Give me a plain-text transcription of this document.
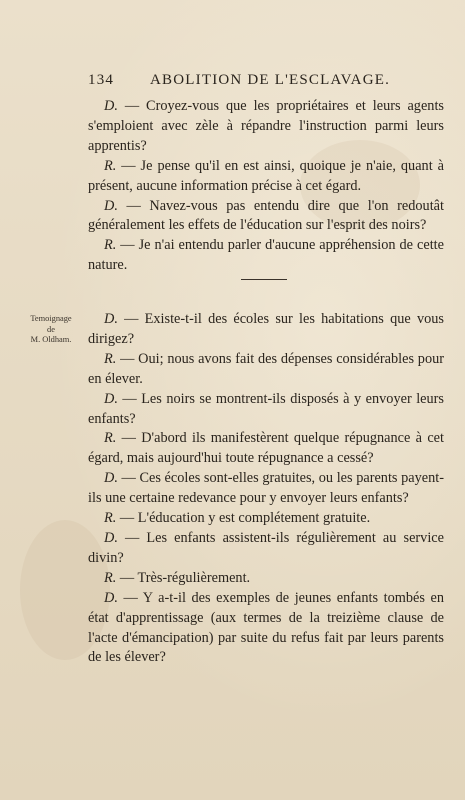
134 ABOLITION DE L'ESCLAVAGE.

D. — Croyez-vous que les propriétaires et leurs agents s'emploient avec zèle à répandre l'instruction parmi leurs apprentis?

R. — Je pense qu'il en est ainsi, quoique je n'aie, quant à présent, aucune information précise à cet égard.

D. — Navez-vous pas entendu dire que l'on redoutât généralement les effets de l'éducation sur l'esprit des noirs?

R. — Je n'ai entendu parler d'aucune appréhension de cette nature.

Temoignage
de
M. Oldham.

D. — Existe-t-il des écoles sur les habitations que vous dirigez?

R. — Oui; nous avons fait des dépenses considérables pour en élever.

D. — Les noirs se montrent-ils disposés à y envoyer leurs enfants?

R. — D'abord ils manifestèrent quelque répugnance à cet égard, mais aujourd'hui toute répugnance a cessé?

D. — Ces écoles sont-elles gratuites, ou les parents payent-ils une certaine redevance pour y envoyer leurs enfants?

R. — L'éducation y est complétement gratuite.

D. — Les enfants assistent-ils régulièrement au service divin?

R. — Très-régulièrement.

D. — Y a-t-il des exemples de jeunes enfants tombés en état d'apprentissage (aux termes de la treizième clause de l'acte d'émancipation) par suite du refus fait par leurs parents de les élever?
